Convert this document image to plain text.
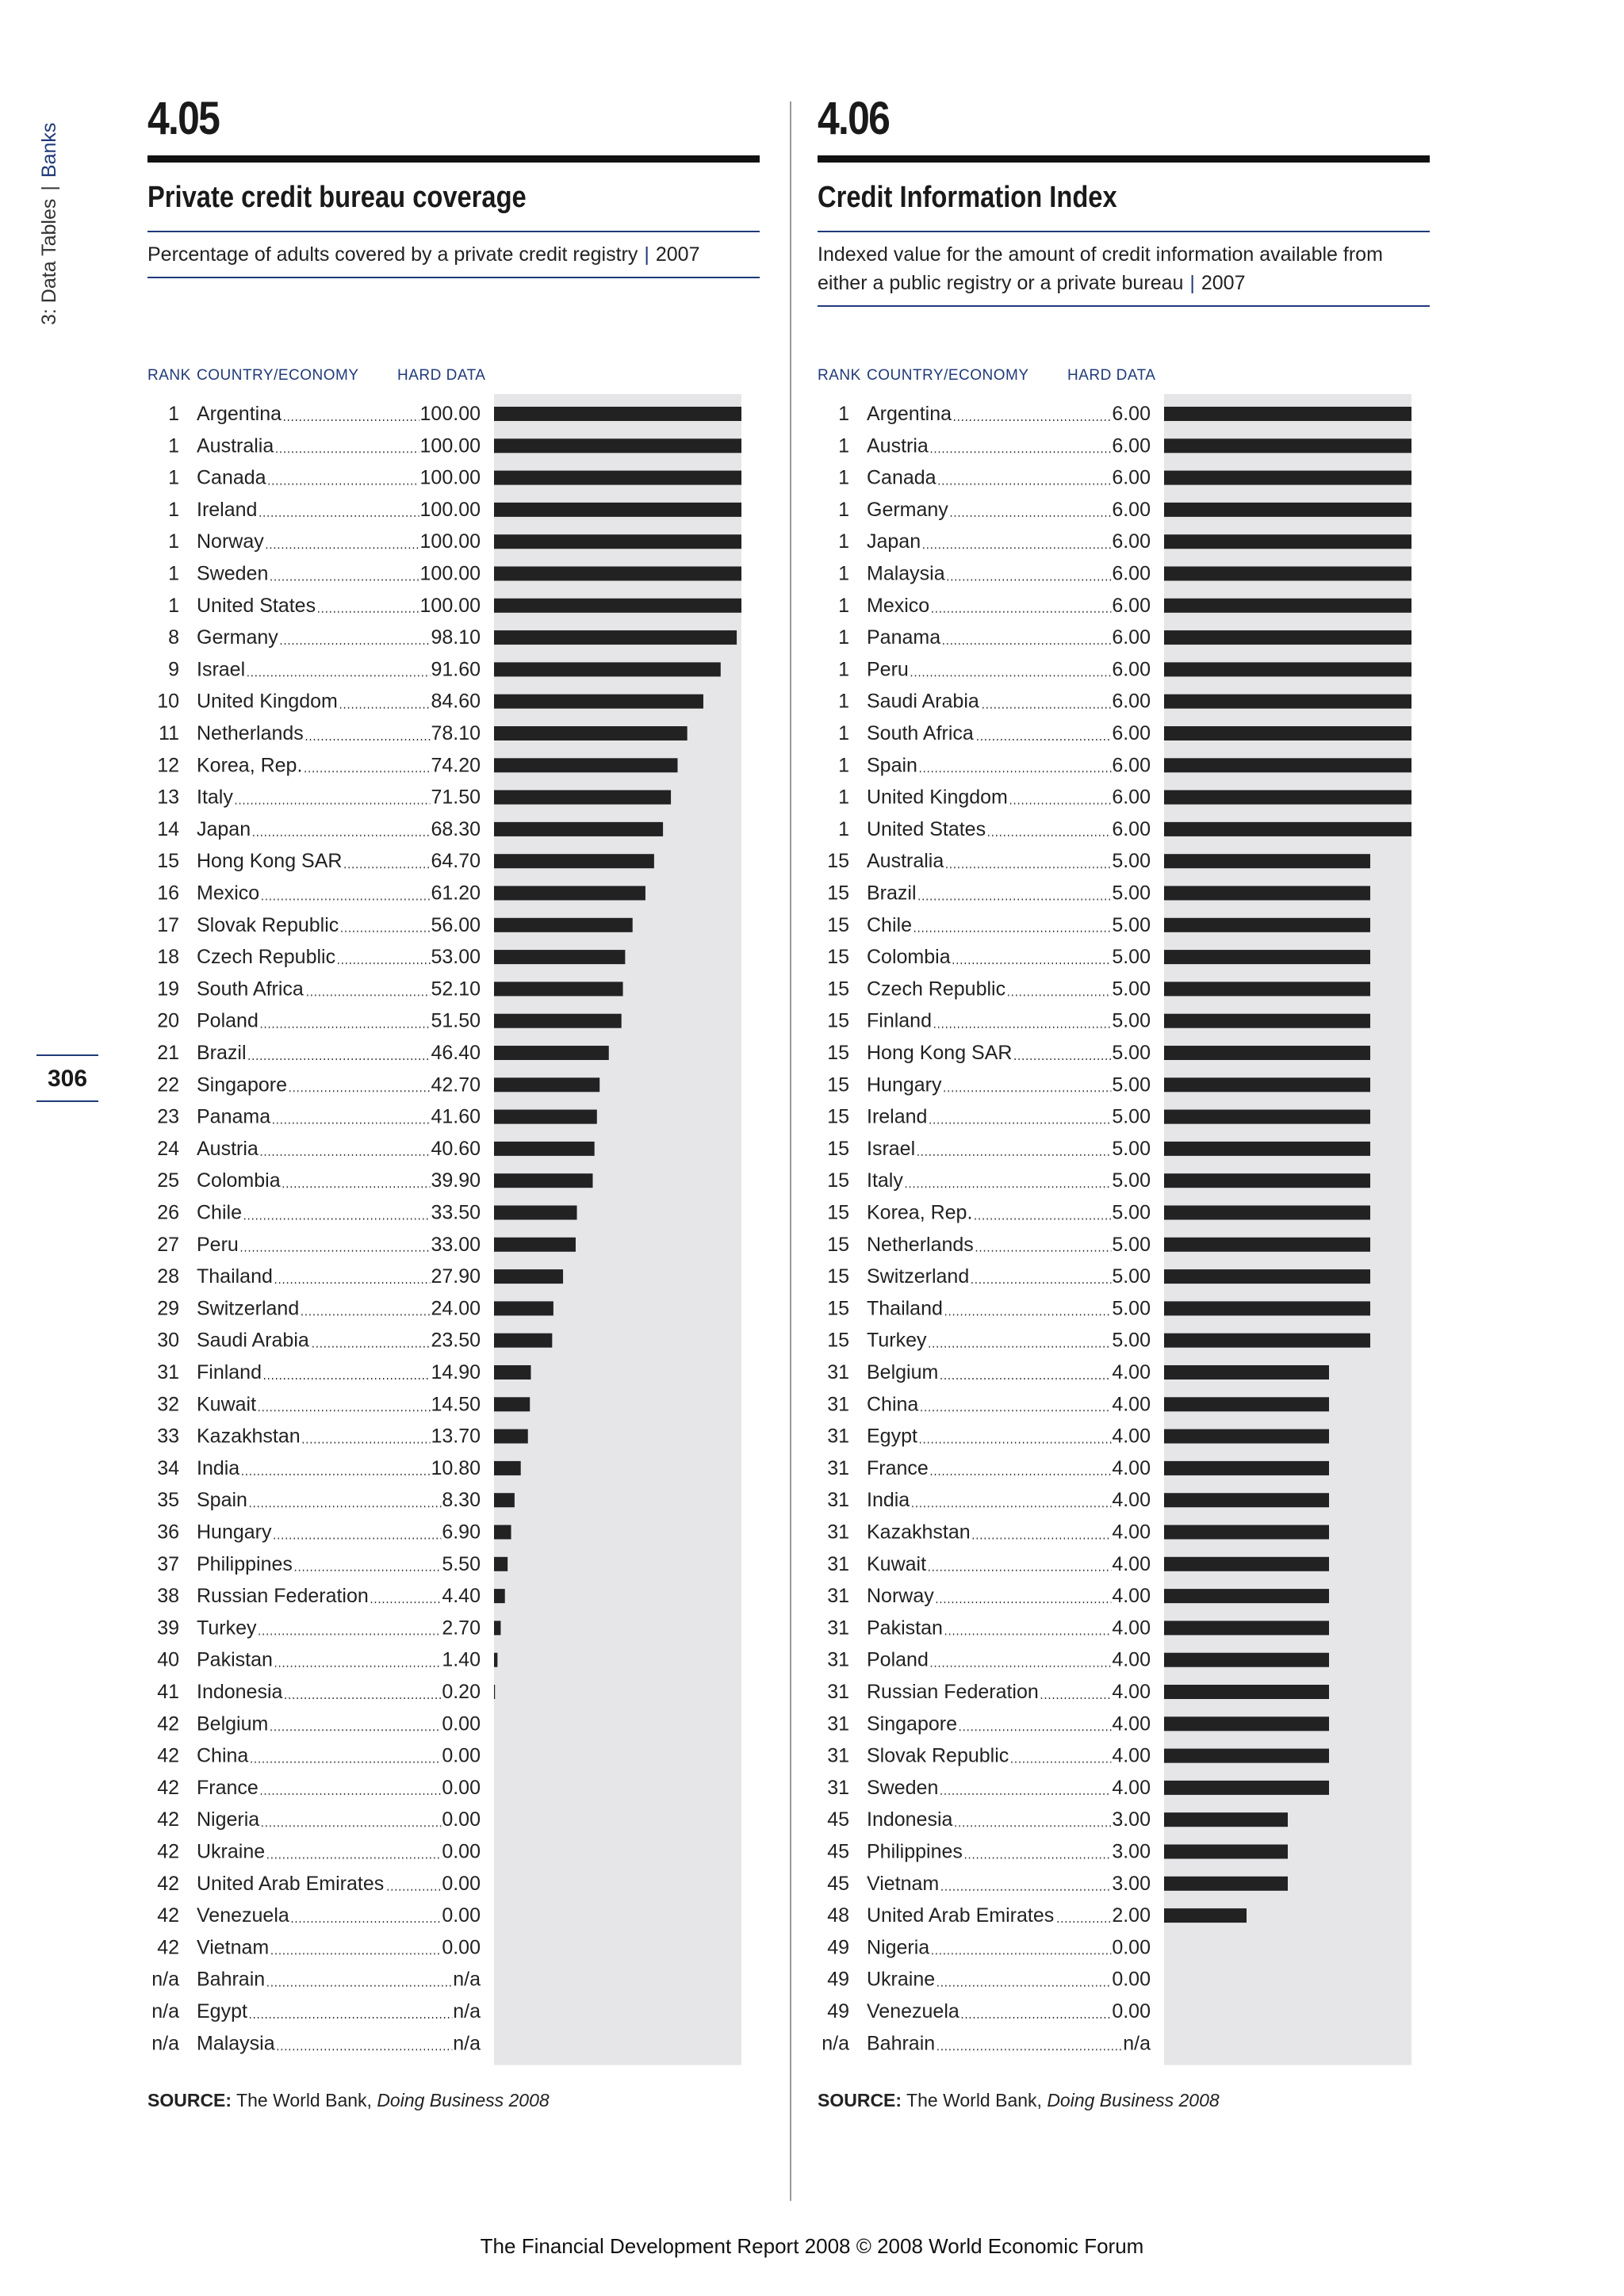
3: Data Tables|Banks
306
4.05
Private credit bureau coverage
Percentage of adults covered by a private credit registry | 2007
4.06
Credit Information Index
Indexed value for the amount of credit information available from either a public registry or a private bureau | 2007
RANK COUNTRY/ECONOMY	HARD DATA	RANK COUNTRY/ECONOMY	HARD DATA
1 Argentina	100.00
1 Australia	100.00
1 Canada	100.00
1 Ireland	100.00
1 Norway	100.00
1 Sweden	100.00
1 United States	100.00
8 Germany	98.10
9 Israel	91.60
10 United Kingdom	84.60
11 Netherlands	78.10
12 Korea, Rep.	74.20
13 Italy	71.50
14 Japan	68.30
15 Hong Kong SAR	64.70
16 Mexico	61.20
17 Slovak Republic	56.00
18 Czech Republic	53.00
19 South Africa	52.10
20 Poland	51.50
21 Brazil	46.40
22 Singapore	42.70
23 Panama	41.60
24 Austria	40.60
25 Colombia	39.90
26 Chile	33.50
27 Peru	33.00
28 Thailand	27.90
29 Switzerland	24.00
30 Saudi Arabia	23.50
31 Finland	14.90
32 Kuwait	14.50
33 Kazakhstan	13.70
34 India	10.80
35 Spain	8.30
36 Hungary	6.90
37 Philippines	5.50
38 Russian Federation	4.40
39 Turkey	2.70
40 Pakistan	1.40
41 Indonesia	0.20
42 Belgium	0.00
42 China	0.00
42 France	0.00
42 Nigeria	0.00
42 Ukraine	0.00
42 United Arab Emirates	0.00
42 Venezuela	0.00
42 Vietnam	0.00
n/a Bahrain	n/a
n/a Egypt	n/a
n/a Malaysia	n/a
1 Argentina	6.00
1 Austria	6.00
1 Canada	6.00
1 Germany	6.00
1 Japan	6.00
1 Malaysia	6.00
1 Mexico	6.00
1 Panama	6.00
1 Peru	6.00
1 Saudi Arabia	6.00
1 South Africa	6.00
1 Spain	6.00
1 United Kingdom	6.00
1 United States	6.00
15 Australia	5.00
15 Brazil	5.00
15 Chile	5.00
15 Colombia	5.00
15 Czech Republic	5.00
15 Finland	5.00
15 Hong Kong SAR	5.00
15 Hungary	5.00
15 Ireland	5.00
15 Israel	5.00
15 Italy	5.00
15 Korea, Rep.	5.00
15 Netherlands	5.00
15 Switzerland	5.00
15 Thailand	5.00
15 Turkey	5.00
31 Belgium	4.00
31 China	4.00
31 Egypt	4.00
31 France	4.00
31 India	4.00
31 Kazakhstan	4.00
31 Kuwait	4.00
31 Norway	4.00
31 Pakistan	4.00
31 Poland	4.00
31 Russian Federation	4.00
31 Singapore	4.00
31 Slovak Republic	4.00
31 Sweden	4.00
45 Indonesia	3.00
45 Philippines	3.00
45 Vietnam	3.00
48 United Arab Emirates	2.00
49 Nigeria	0.00
49 Ukraine	0.00
49 Venezuela	0.00
n/a Bahrain	n/a
SOURCE: The World Bank, Doing Business 2008	SOURCE: The World Bank, Doing Business 2008
The Financial Development Report 2008 © 2008 World Economic Forum
